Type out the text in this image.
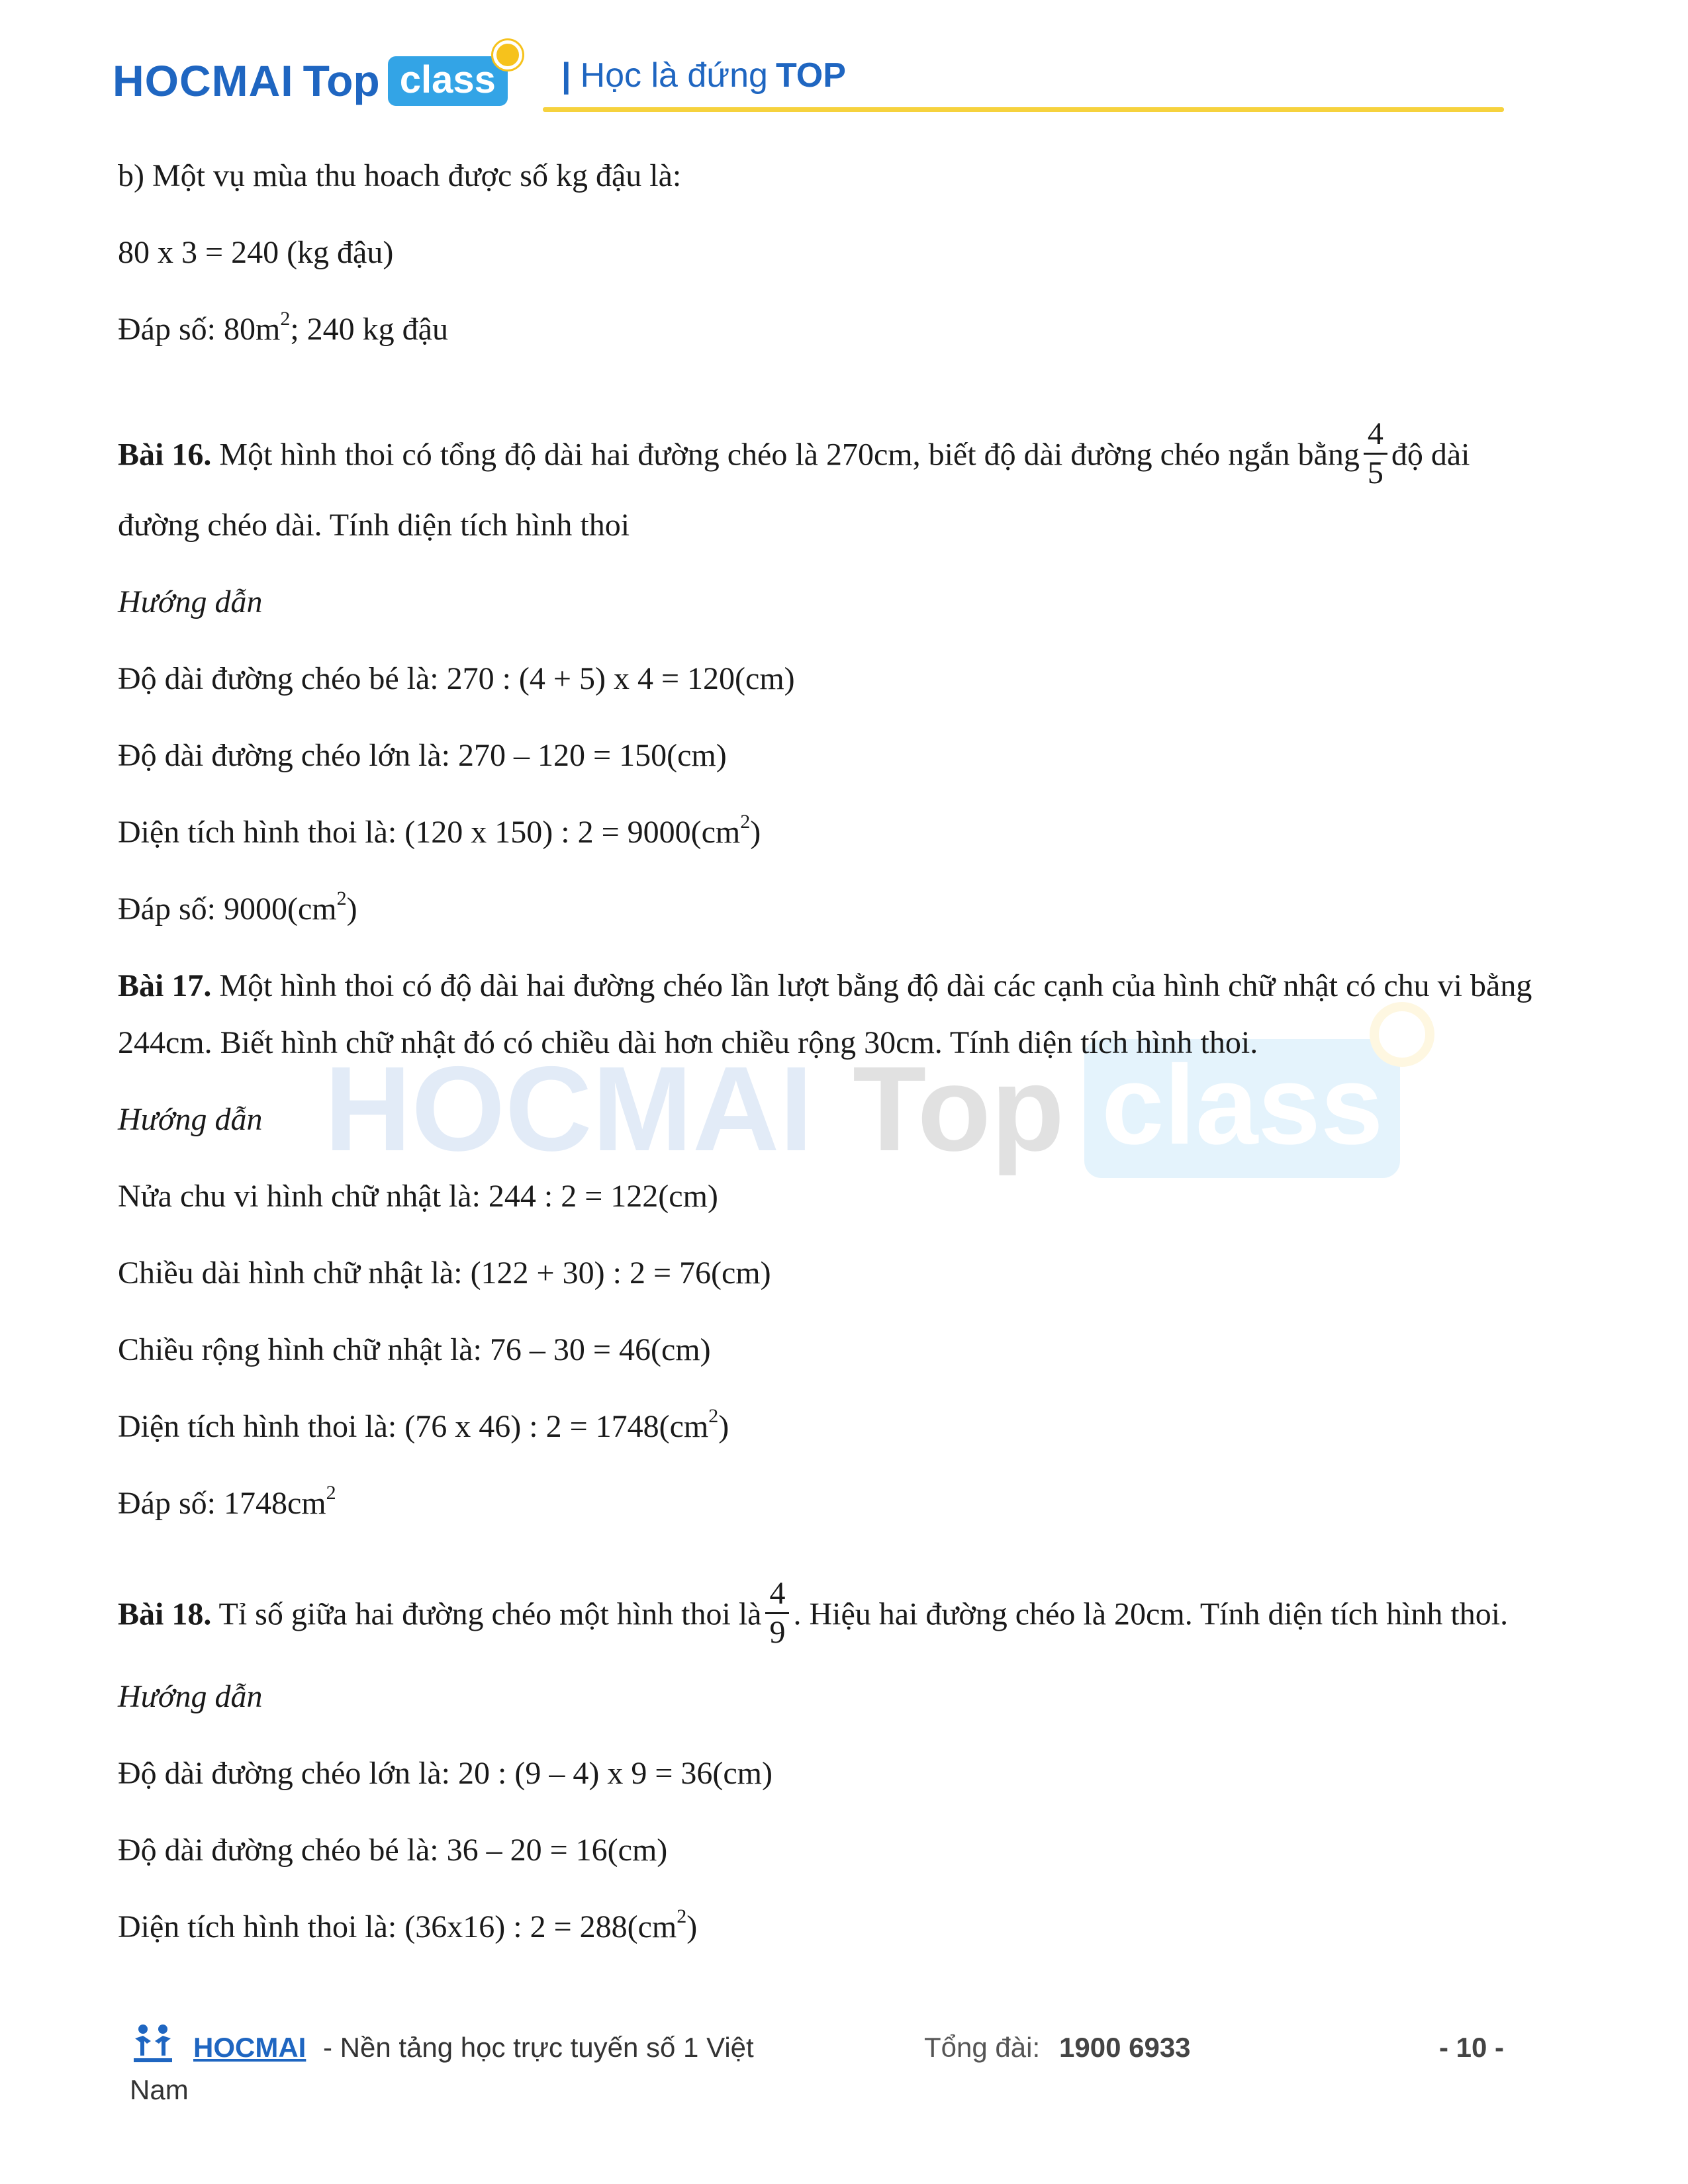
HOCMAI Top class	| Học là đứng TOP
HOCMAI Top class
b) Một vụ mùa thu hoach được số kg đậu là:
80 x 3 = 240 (kg đậu)
Đáp số: $80m^2$; 240 kg đậu
Bài 16. Một hình thoi có tổng độ dài hai đường chéo là 270cm, biết độ dài đường chéo ngắn bằng $\frac{4}{5}$ độ dài
đường chéo dài. Tính diện tích hình thoi
Hướng dẫn
Độ dài đường chéo bé là: 270 : (4 + 5) x 4 = 120(cm)
Độ dài đường chéo lớn là: 270 – 120 = 150(cm)
Diện tích hình thoi là: (120 x 150) : $2 = 9000(cm^2)$
Đáp số: $9000(cm^2)$
Bài 17. Một hình thoi có độ dài hai đường chéo lần lượt bằng độ dài các cạnh của hình chữ nhật có chu vi bằng
244cm. Biết hình chữ nhật đó có chiều dài hơn chiều rộng 30cm. Tính diện tích hình thoi.
Hướng dẫn
Nửa chu vi hình chữ nhật là: 244 : 2 = 122(cm)
Chiều dài hình chữ nhật là: (122 + 30) : 2 = 76(cm)
Chiều rộng hình chữ nhật là: 76 – 30 = 46(cm)
Diện tích hình thoi là: (76 x 46) : $2 = 1748(cm^2)$
Đáp số: $1748cm^2$
Bài 18. Tỉ số giữa hai đường chéo một hình thoi là $\frac{4}{9}$ . Hiệu hai đường chéo là 20cm. Tính diện tích hình thoi.
Hướng dẫn
Độ dài đường chéo lớn là: 20 : (9 – 4) x 9 = 36(cm)
Độ dài đường chéo bé là: 36 – 20 = 16(cm)
Diện tích hình thoi là: (36x16) : $2 = 288(cm^2)$
HOCMAI - Nền tảng học trực tuyến số 1 Việt	Tổng đài: 1900 6933	- 10 -
Nam
